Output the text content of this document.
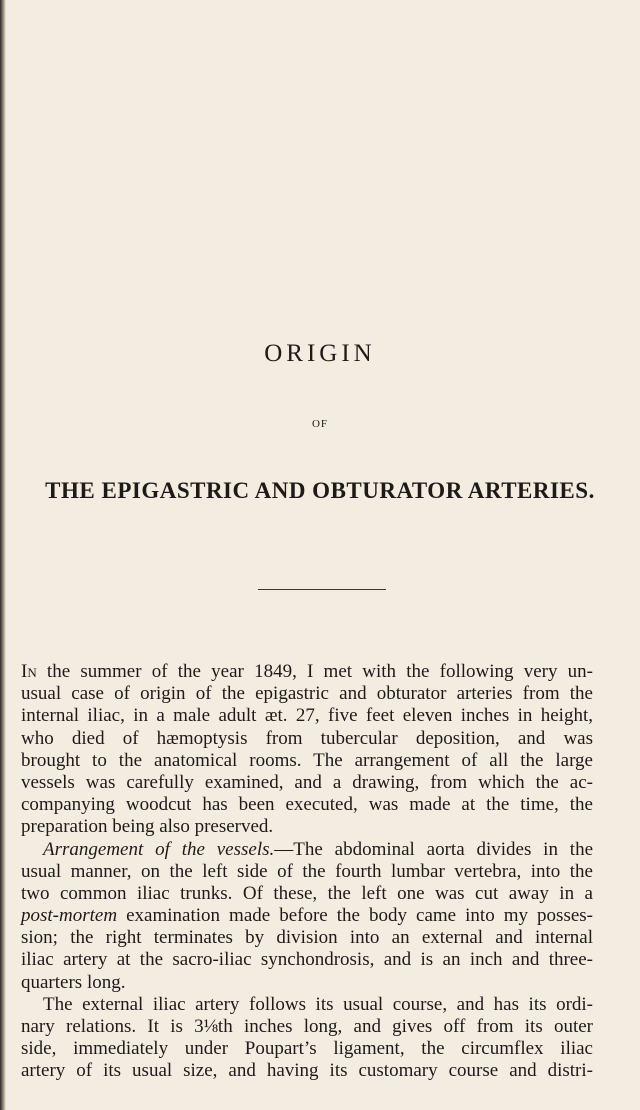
ORIGIN
OF
THE EPIGASTRIC AND OBTURATOR ARTERIES.
In the summer of the year 1849, I met with the following very un-
usual case of origin of the epigastric and obturator arteries from the
internal iliac, in a male adult æt. 27, five feet eleven inches in height,
who died of hæmoptysis from tubercular deposition, and was
brought to the anatomical rooms. The arrangement of all the large
vessels was carefully examined, and a drawing, from which the ac-
companying woodcut has been executed, was made at the time, the
preparation being also preserved.
Arrangement of the vessels.—The abdominal aorta divides in the
usual manner, on the left side of the fourth lumbar vertebra, into the
two common iliac trunks. Of these, the left one was cut away in a
post-mortem examination made before the body came into my posses-
sion; the right terminates by division into an external and internal
iliac artery at the sacro-iliac synchondrosis, and is an inch and three-
quarters long.
The external iliac artery follows its usual course, and has its ordi-
nary relations. It is 3⅛th inches long, and gives off from its outer
side, immediately under Poupart’s ligament, the circumflex iliac
artery of its usual size, and having its customary course and distri-
